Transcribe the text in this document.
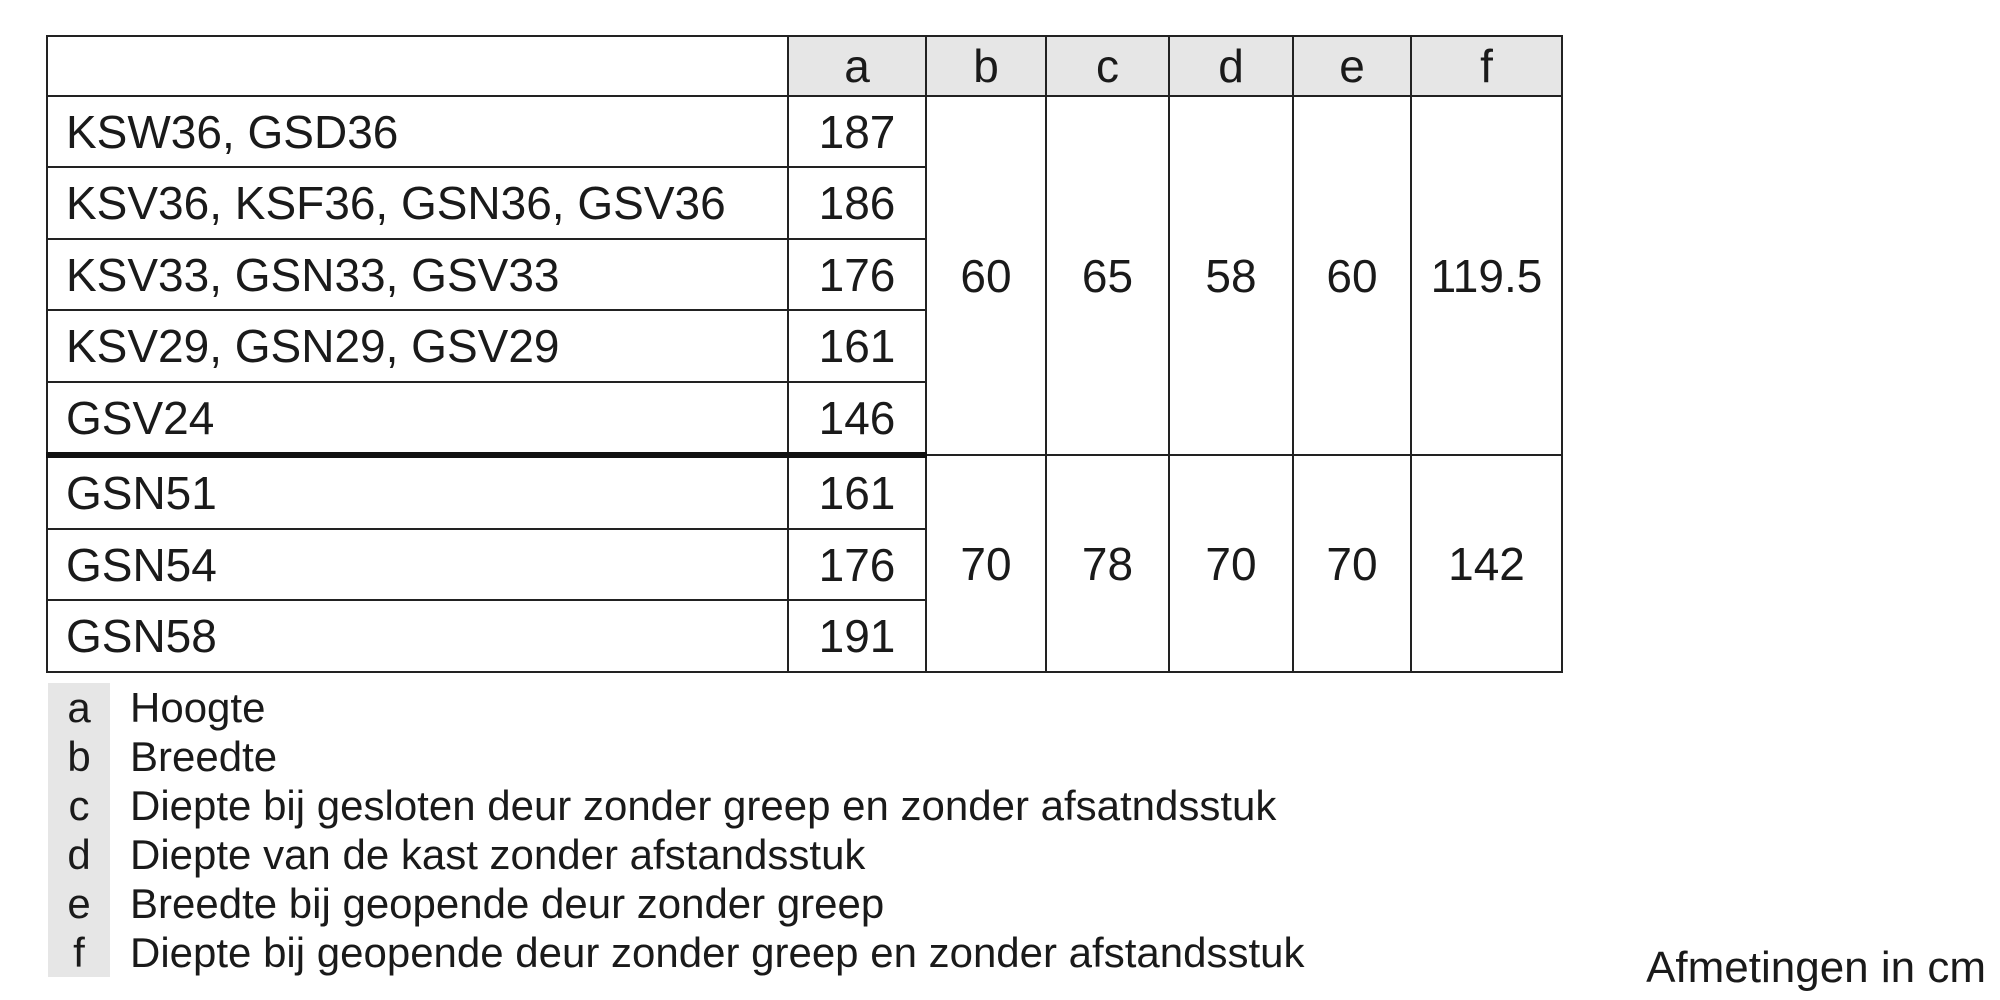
	a	b	c	d	e	f
KSW36, GSD36	187	60	65	58	60	119.5
KSV36, KSF36, GSN36, GSV36	186					
KSV33, GSN33, GSV33	176					
KSV29, GSN29, GSV29	161					
GSV24	146					
GSN51	161	70	78	70	70	142
GSN54	176					
GSN58	191					
a Hoogte
b Breedte
c Diepte bij gesloten deur zonder greep en zonder afsatndsstuk
d Diepte van de kast zonder afstandsstuk
e Breedte bij geopende deur zonder greep
f	Diepte bij geopende deur zonder greep en zonder afstandsstuk	Afmetingen in cm
